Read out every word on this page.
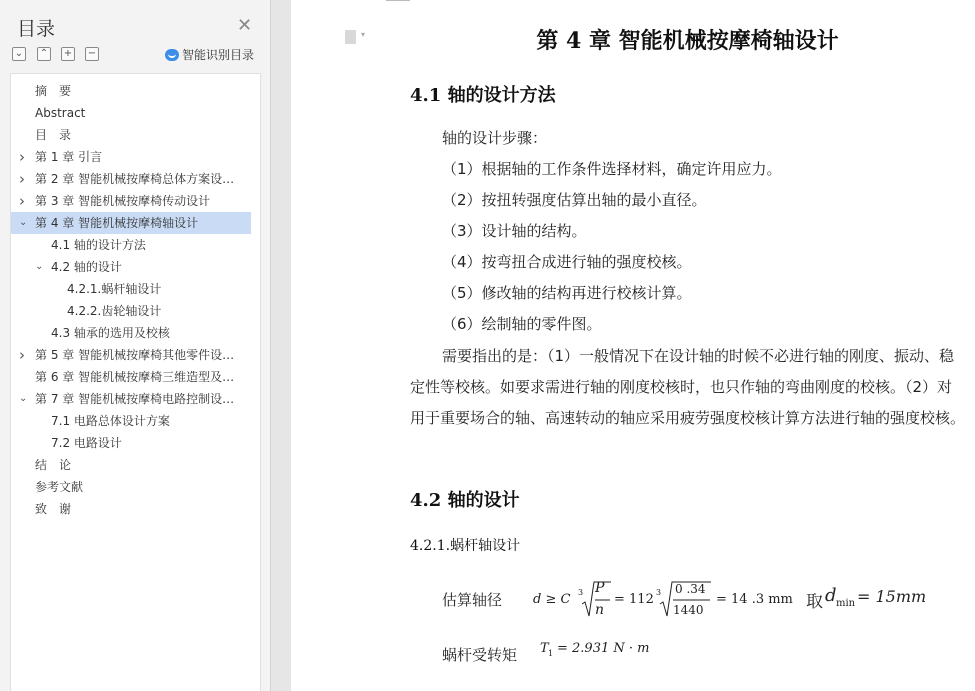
目录	✕
⌄ ⌃ + −	智能识别目录
摘　要
Abstract
目　录
› 第 1 章 引言
› 第 2 章 智能机械按摩椅总体方案设…
› 第 3 章 智能机械按摩椅传动设计
⌄ 第 4 章 智能机械按摩椅轴设计
4.1 轴的设计方法
⌄ 4.2 轴的设计
4.2.1.蜗杆轴设计
4.2.2.齿轮轴设计
4.3 轴承的选用及校核
› 第 5 章 智能机械按摩椅其他零件设…
第 6 章 智能机械按摩椅三维造型及…
⌄ 第 7 章 智能机械按摩椅电路控制设…
7.1 电路总体设计方案
7.2 电路设计
结　论
参考文献
致　谢
▾	第 4 章 智能机械按摩椅轴设计
4.1 轴的设计方法
轴的设计步骤：
（1）根据轴的工作条件选择材料，确定许用应力。
（2）按扭转强度估算出轴的最小直径。
（3）设计轴的结构。
（4）按弯扭合成进行轴的强度校核。
（5）修改轴的结构再进行校核计算。
（6）绘制轴的零件图。
需要指出的是：（1）一般情况下在设计轴的时候不必进行轴的刚度、振动、稳定性等校核。如要求需进行轴的刚度校核时，也只作轴的弯曲刚度的校核。（2）对用于重要场合的轴、高速转动的轴应采用疲劳强度校核计算方法进行轴的强度校核。
4.2 轴的设计
4.2.1.蜗杆轴设计
估算轴径 d ≥ C 3 P
n
= 112 3 0 .34
1440
= 14 .3 mm 取 d min = 15mm
蜗杆受转矩 T 1 = 2.931 N · m
